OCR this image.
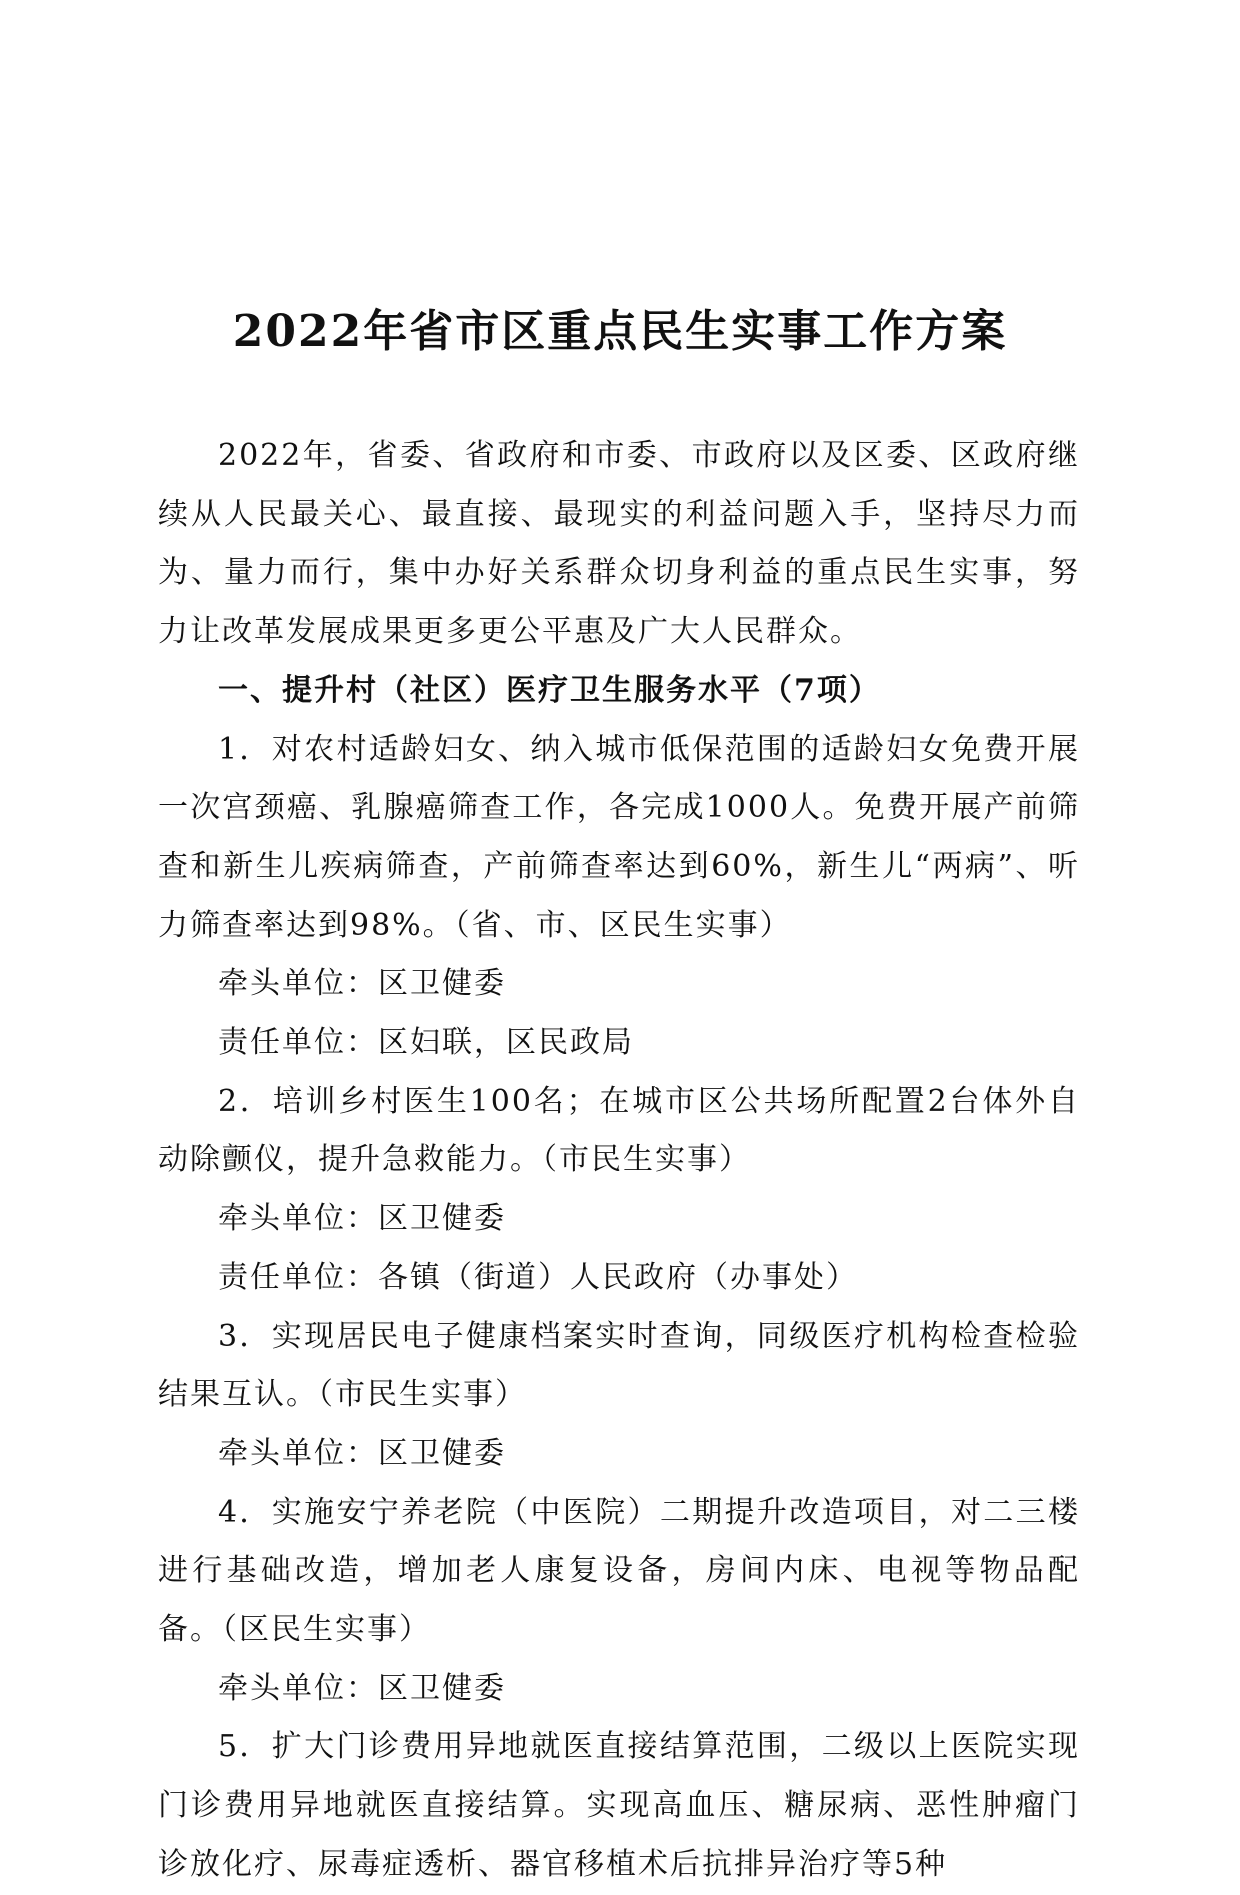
2022年省市区重点民生实事工作方案

2022年，省委、省政府和市委、市政府以及区委、区政府继续从人民最关心、最直接、最现实的利益问题入手，坚持尽力而为、量力而行，集中办好关系群众切身利益的重点民生实事，努力让改革发展成果更多更公平惠及广大人民群众。

一、提升村（社区）医疗卫生服务水平（7项）

1．对农村适龄妇女、纳入城市低保范围的适龄妇女免费开展一次宫颈癌、乳腺癌筛查工作，各完成1000人。免费开展产前筛查和新生儿疾病筛查，产前筛查率达到60%，新生儿“两病”、听力筛查率达到98%。（省、市、区民生实事）

牵头单位：区卫健委

责任单位：区妇联，区民政局

2．培训乡村医生100名；在城市区公共场所配置2台体外自动除颤仪，提升急救能力。（市民生实事）

牵头单位：区卫健委

责任单位：各镇（街道）人民政府（办事处）

3．实现居民电子健康档案实时查询，同级医疗机构检查检验结果互认。（市民生实事）

牵头单位：区卫健委

4．实施安宁养老院（中医院）二期提升改造项目，对二三楼进行基础改造，增加老人康复设备，房间内床、电视等物品配备。（区民生实事）

牵头单位：区卫健委

5．扩大门诊费用异地就医直接结算范围，二级以上医院实现门诊费用异地就医直接结算。实现高血压、糖尿病、恶性肿瘤门诊放化疗、尿毒症透析、器官移植术后抗排异治疗等5种
